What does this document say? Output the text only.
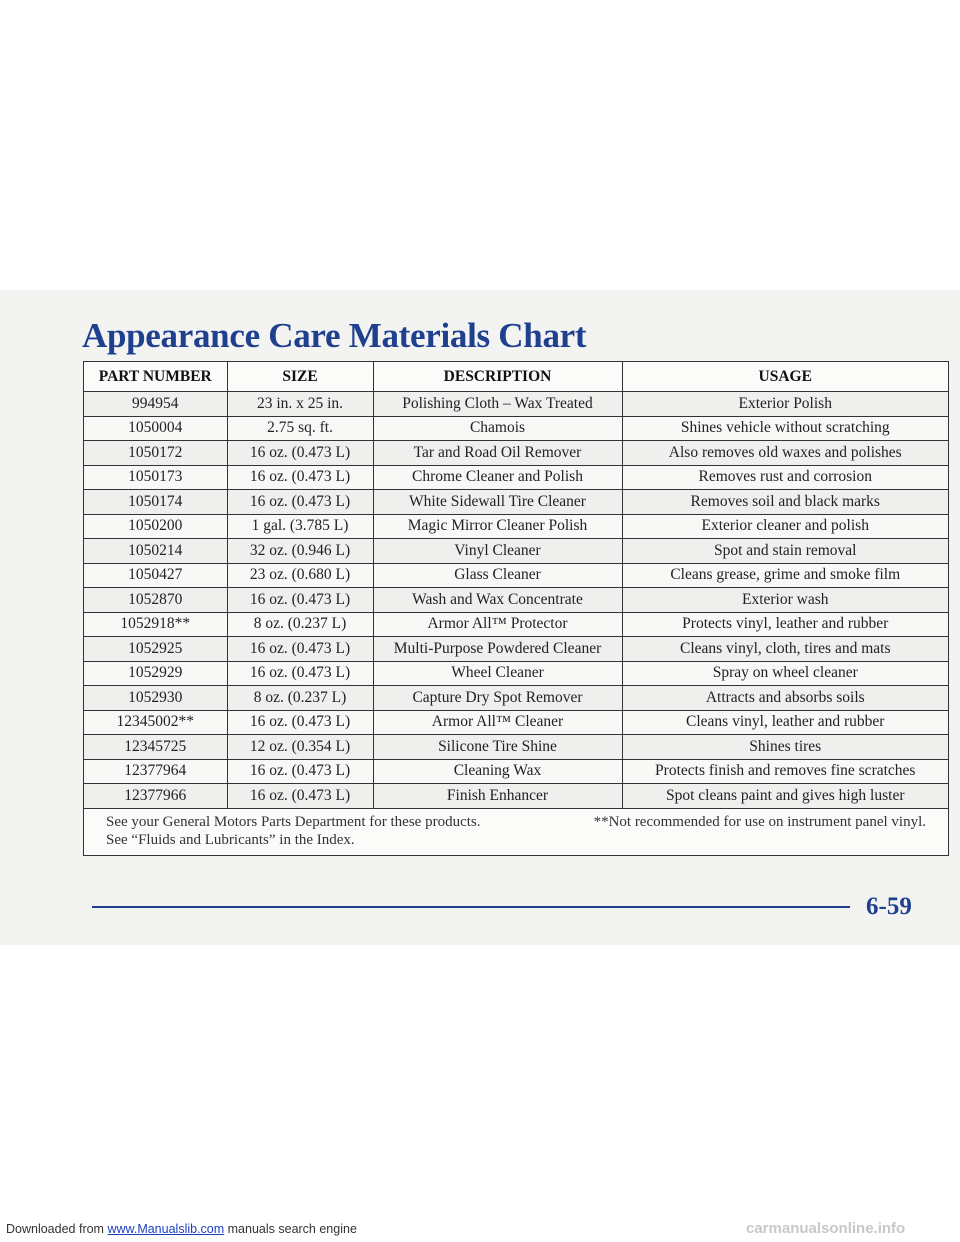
Appearance Care Materials Chart
PART NUMBER	SIZE	DESCRIPTION	USAGE
994954	23 in. x 25 in.	Polishing Cloth – Wax Treated	Exterior Polish
1050004	2.75 sq. ft.	Chamois	Shines vehicle without scratching
1050172	16 oz. (0.473 L)	Tar and Road Oil Remover	Also removes old waxes and polishes
1050173	16 oz. (0.473 L)	Chrome Cleaner and Polish	Removes rust and corrosion
1050174	16 oz. (0.473 L)	White Sidewall Tire Cleaner	Removes soil and black marks
1050200	1 gal. (3.785 L)	Magic Mirror Cleaner Polish	Exterior cleaner and polish
1050214	32 oz. (0.946 L)	Vinyl Cleaner	Spot and stain removal
1050427	23 oz. (0.680 L)	Glass Cleaner	Cleans grease, grime and smoke film
1052870	16 oz. (0.473 L)	Wash and Wax Concentrate	Exterior wash
1052918**	8 oz. (0.237 L)	Armor All™ Protector	Protects vinyl, leather and rubber
1052925	16 oz. (0.473 L)	Multi-Purpose Powdered Cleaner	Cleans vinyl, cloth, tires and mats
1052929	16 oz. (0.473 L)	Wheel Cleaner	Spray on wheel cleaner
1052930	8 oz. (0.237 L)	Capture Dry Spot Remover	Attracts and absorbs soils
12345002**	16 oz. (0.473 L)	Armor All™ Cleaner	Cleans vinyl, leather and rubber
12345725	12 oz. (0.354 L)	Silicone Tire Shine	Shines tires
12377964	16 oz. (0.473 L)	Cleaning Wax	Protects finish and removes fine scratches
12377966	16 oz. (0.473 L)	Finish Enhancer	Spot cleans paint and gives high luster
See your General Motors Parts Department for these products.	**Not recommended for use on instrument panel vinyl.
See “Fluids and Lubricants” in the Index.
6-59
Downloaded from www.Manualslib.com manuals search engine	carmanualsonline.info
